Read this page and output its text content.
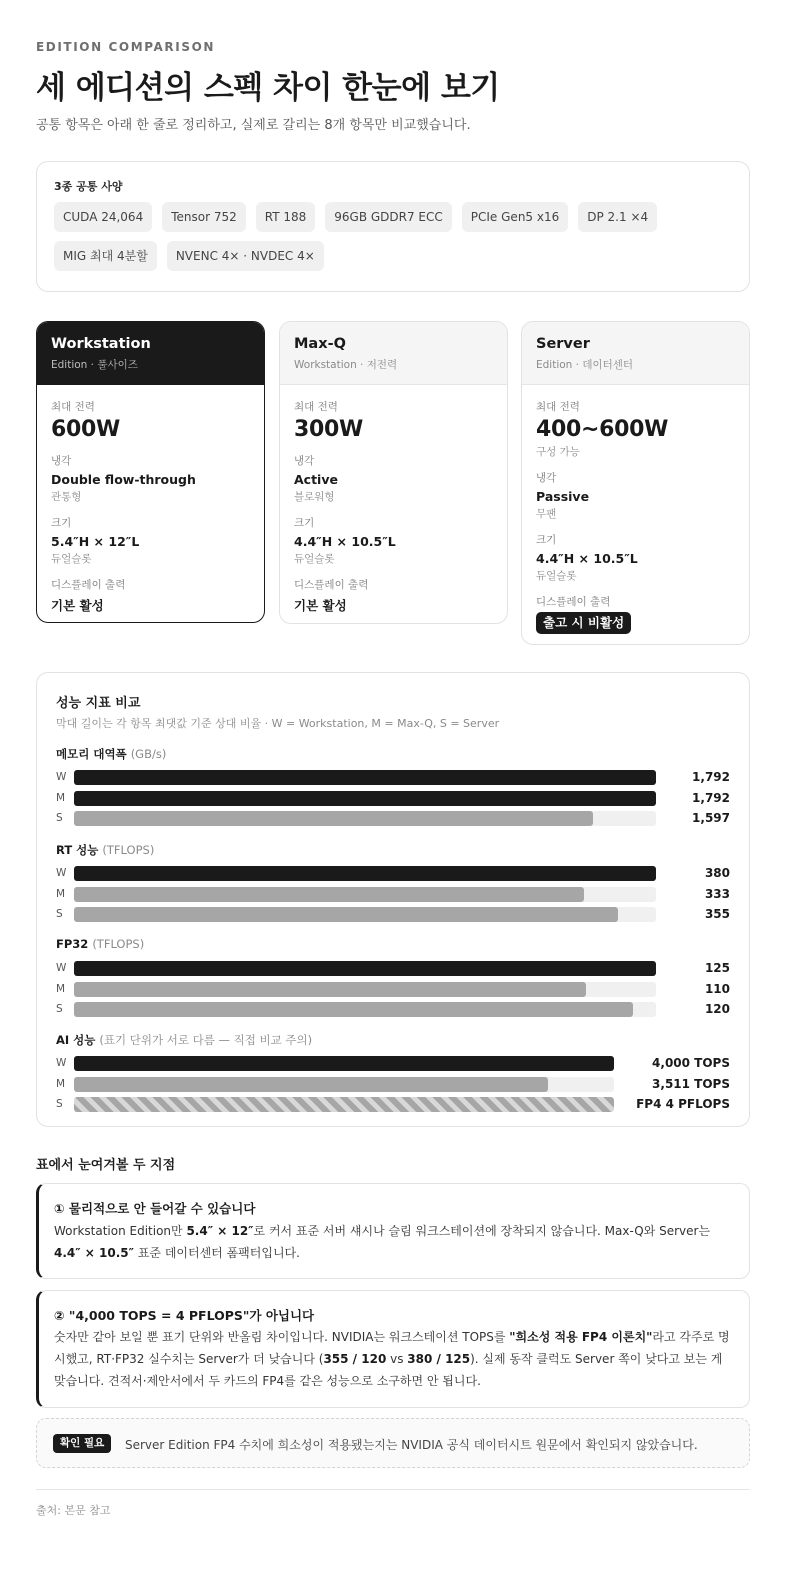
EDITION COMPARISON
세 에디션의 스펙 차이 한눈에 보기
공통 항목은 아래 한 줄로 정리하고, 실제로 갈리는 8개 항목만 비교했습니다.
3종 공통 사양
CUDA 24,064	Tensor 752	RT 188	96GB GDDR7 ECC	PCIe Gen5 x16	DP 2.1 ×4
MIG 최대 4분할	NVENC 4× · NVDEC 4×
Workstation
Edition · 풀사이즈
최대 전력
600W
냉각
Double flow-through
관통형
크기
5.4″H × 12″L
듀얼슬롯
디스플레이 출력
기본 활성
Max-Q
Workstation · 저전력
최대 전력
300W
냉각
Active
블로워형
크기
4.4″H × 10.5″L
듀얼슬롯
디스플레이 출력
기본 활성
Server
Edition · 데이터센터
최대 전력
400~600W
구성 가능
냉각
Passive
무팬
크기
4.4″H × 10.5″L
듀얼슬롯
디스플레이 출력
출고 시 비활성
성능 지표 비교
막대 길이는 각 항목 최댓값 기준 상대 비율 · W = Workstation, M = Max-Q, S = Server
표에서 눈여겨볼 두 지점
① 물리적으로 안 들어갈 수 있습니다
Workstation Edition만 5.4″ × 12″로 커서 표준 서버 섀시나 슬림 워크스테이션에 장착되지 않습니다. Max-Q와 Server는 4.4″ × 10.5″ 표준 데이터센터 폼팩터입니다.
② "4,000 TOPS = 4 PFLOPS"가 아닙니다
숫자만 같아 보일 뿐 표기 단위와 반올림 차이입니다. NVIDIA는 워크스테이션 TOPS를 "희소성 적용 FP4 이론치"라고 각주로 명시했고, RT·FP32 실수치는 Server가 더 낮습니다 (355 / 120 vs 380 / 125). 실제 동작 클럭도 Server 쪽이 낮다고 보는 게 맞습니다. 견적서·제안서에서 두 카드의 FP4를 같은 성능으로 소구하면 안 됩니다.
확인 필요	Server Edition FP4 수치에 희소성이 적용됐는지는 NVIDIA 공식 데이터시트 원문에서 확인되지 않았습니다.
출처: 본문 참고
메모리 대역폭 (GB/s)
W	1,792
M	1,792
S	1,597
RT 성능 (TFLOPS)
W	380
M	333
S	355
FP32 (TFLOPS)
W	125
M	110
S	120
AI 성능 (표기 단위가 서로 다름 — 직접 비교 주의)
W	4,000 TOPS
M	3,511 TOPS
S	FP4 4 PFLOPS
